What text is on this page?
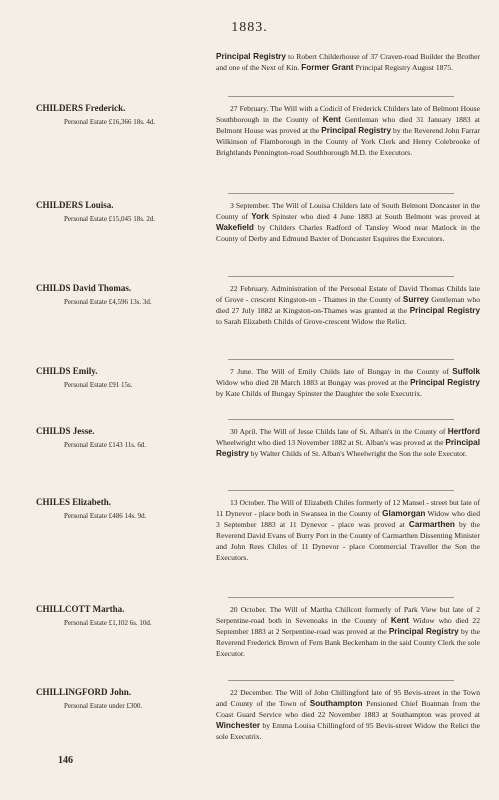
1883.
Principal Registry to Robert Childerhouse of 37 Craven-road Builder the Brother and one of the Next of Kin. Former Grant Principal Registry August 1875.
CHILDERS Frederick.
Personal Estate £16,366 18s. 4d.
27 February. The Will with a Codicil of Frederick Childers late of Belmont House Southborough in the County of Kent Gentleman who died 31 January 1883 at Belmont House was proved at the Principal Registry by the Reverend John Farrar Wilkinson of Flamborough in the County of York Clerk and Henry Colebrooke of Brightlands Pennington-road Southborough M.D. the Executors.
CHILDERS Louisa.
Personal Estate £15,045 18s. 2d.
3 September. The Will of Louisa Childers late of South Belmont Doncaster in the County of York Spinster who died 4 June 1883 at South Belmont was proved at Wakefield by Childers Charles Radford of Tansley Wood near Matlock in the County of Derby and Edmund Baxter of Doncaster Esquires the Executors.
CHILDS David Thomas.
Personal Estate £4,596 13s. 3d.
22 February. Administration of the Personal Estate of David Thomas Childs late of Grove - crescent Kingston-on - Thames in the County of Surrey Gentleman who died 27 July 1882 at Kingston-on-Thames was granted at the Principal Registry to Sarah Elizabeth Childs of Grove-crescent Widow the Relict.
CHILDS Emily.
Personal Estate £91 15s.
7 June. The Will of Emily Childs late of Bungay in the County of Suffolk Widow who died 28 March 1883 at Bungay was proved at the Principal Registry by Kate Childs of Bungay Spinster the Daughter the sole Executrix.
CHILDS Jesse.
Personal Estate £143 11s. 6d.
30 April. The Will of Jesse Childs late of St. Alban's in the County of Hertford Wheelwright who died 13 November 1882 at St. Alban's was proved at the Principal Registry by Walter Childs of St. Alban's Wheelwright the Son the sole Executor.
CHILES Elizabeth.
Personal Estate £486 14s. 9d.
13 October. The Will of Elizabeth Chiles formerly of 12 Mansel - street but late of 11 Dynevor - place both in Swansea in the County of Glamorgan Widow who died 3 September 1883 at 11 Dynevor - place was proved at Carmarthen by the Reverend David Evans of Burry Port in the County of Carmarthen Dissenting Minister and John Rees Chiles of 11 Dynevor - place Commercial Traveller the Son the Executors.
CHILLCOTT Martha.
Personal Estate £1,102 6s. 10d.
20 October. The Will of Martha Chillcott formerly of Park View but late of 2 Serpentine-road both in Sevenoaks in the County of Kent Widow who died 22 September 1883 at 2 Serpentine-road was proved at the Principal Registry by the Reverend Frederick Brown of Fern Bank Beckenham in the said County Clerk the sole Executor.
CHILLINGFORD John.
Personal Estate under £300.
22 December. The Will of John Chillingford late of 95 Bevis-street in the Town and County of the Town of Southampton Pensioned Chief Boatman from the Coast Guard Service who died 22 November 1883 at Southampton was proved at Winchester by Emma Louisa Chillingford of 95 Bevis-street Widow the Relict the sole Executrix.
146
